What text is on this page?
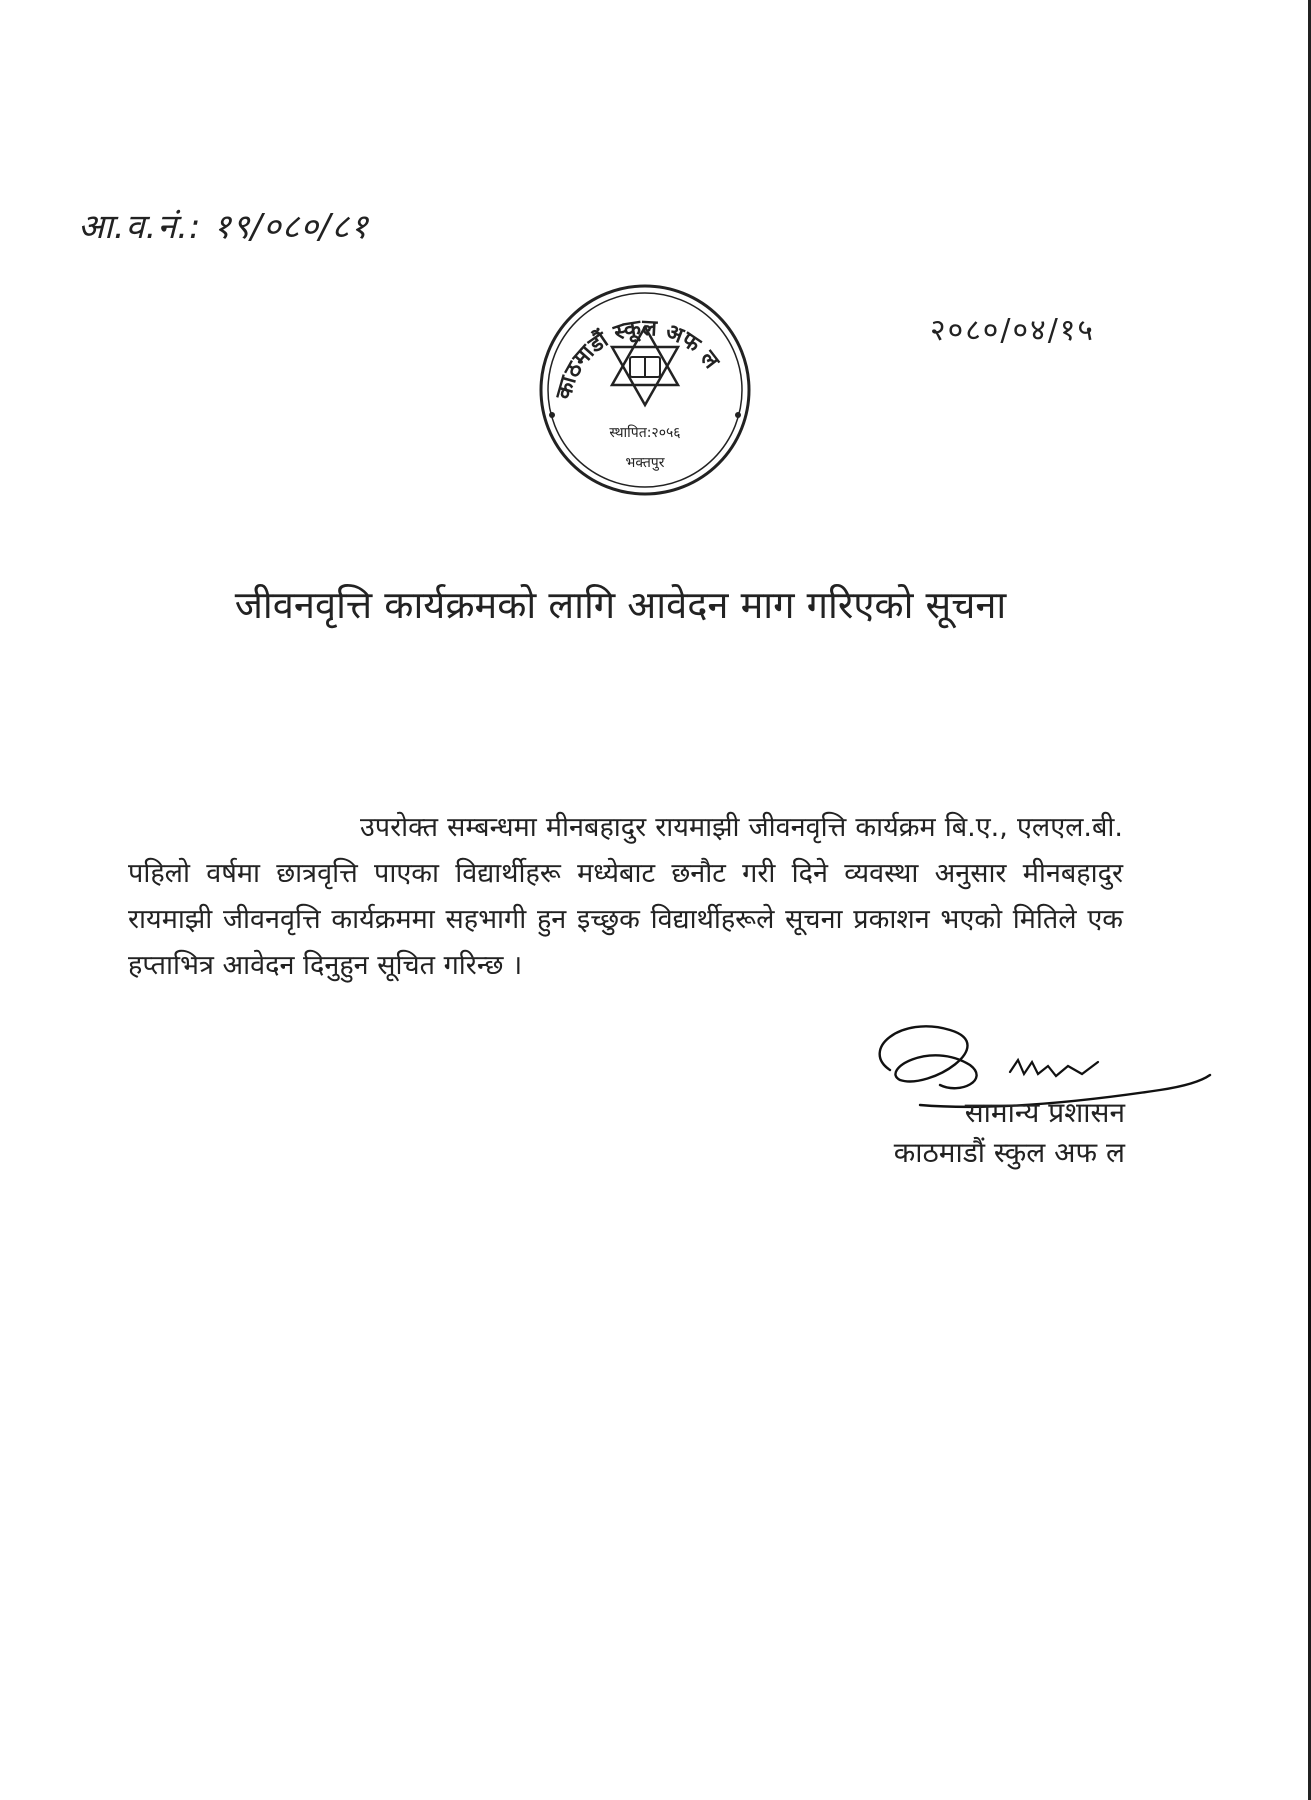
आ.व.नं.: १९/०८०/८१
२०८०/०४/१५
काठमाडौं स्कूल अफ ल
स्थापित:२०५६
भक्तपुर
जीवनवृत्ति कार्यक्रमको लागि आवेदन माग गरिएको सूचना
उपरोक्त सम्बन्धमा मीनबहादुर रायमाझी जीवनवृत्ति कार्यक्रम बि.ए., एलएल.बी. पहिलो वर्षमा छात्रवृत्ति पाएका विद्यार्थीहरू मध्येबाट छनौट गरी दिने व्यवस्था अनुसार मीनबहादुर रायमाझी जीवनवृत्ति कार्यक्रममा सहभागी हुन इच्छुक विद्यार्थीहरूले सूचना प्रकाशन भएको मितिले एक हप्ताभित्र आवेदन दिनुहुन सूचित गरिन्छ ।
सामान्य प्रशासन
काठमाडौं स्कुल अफ ल
